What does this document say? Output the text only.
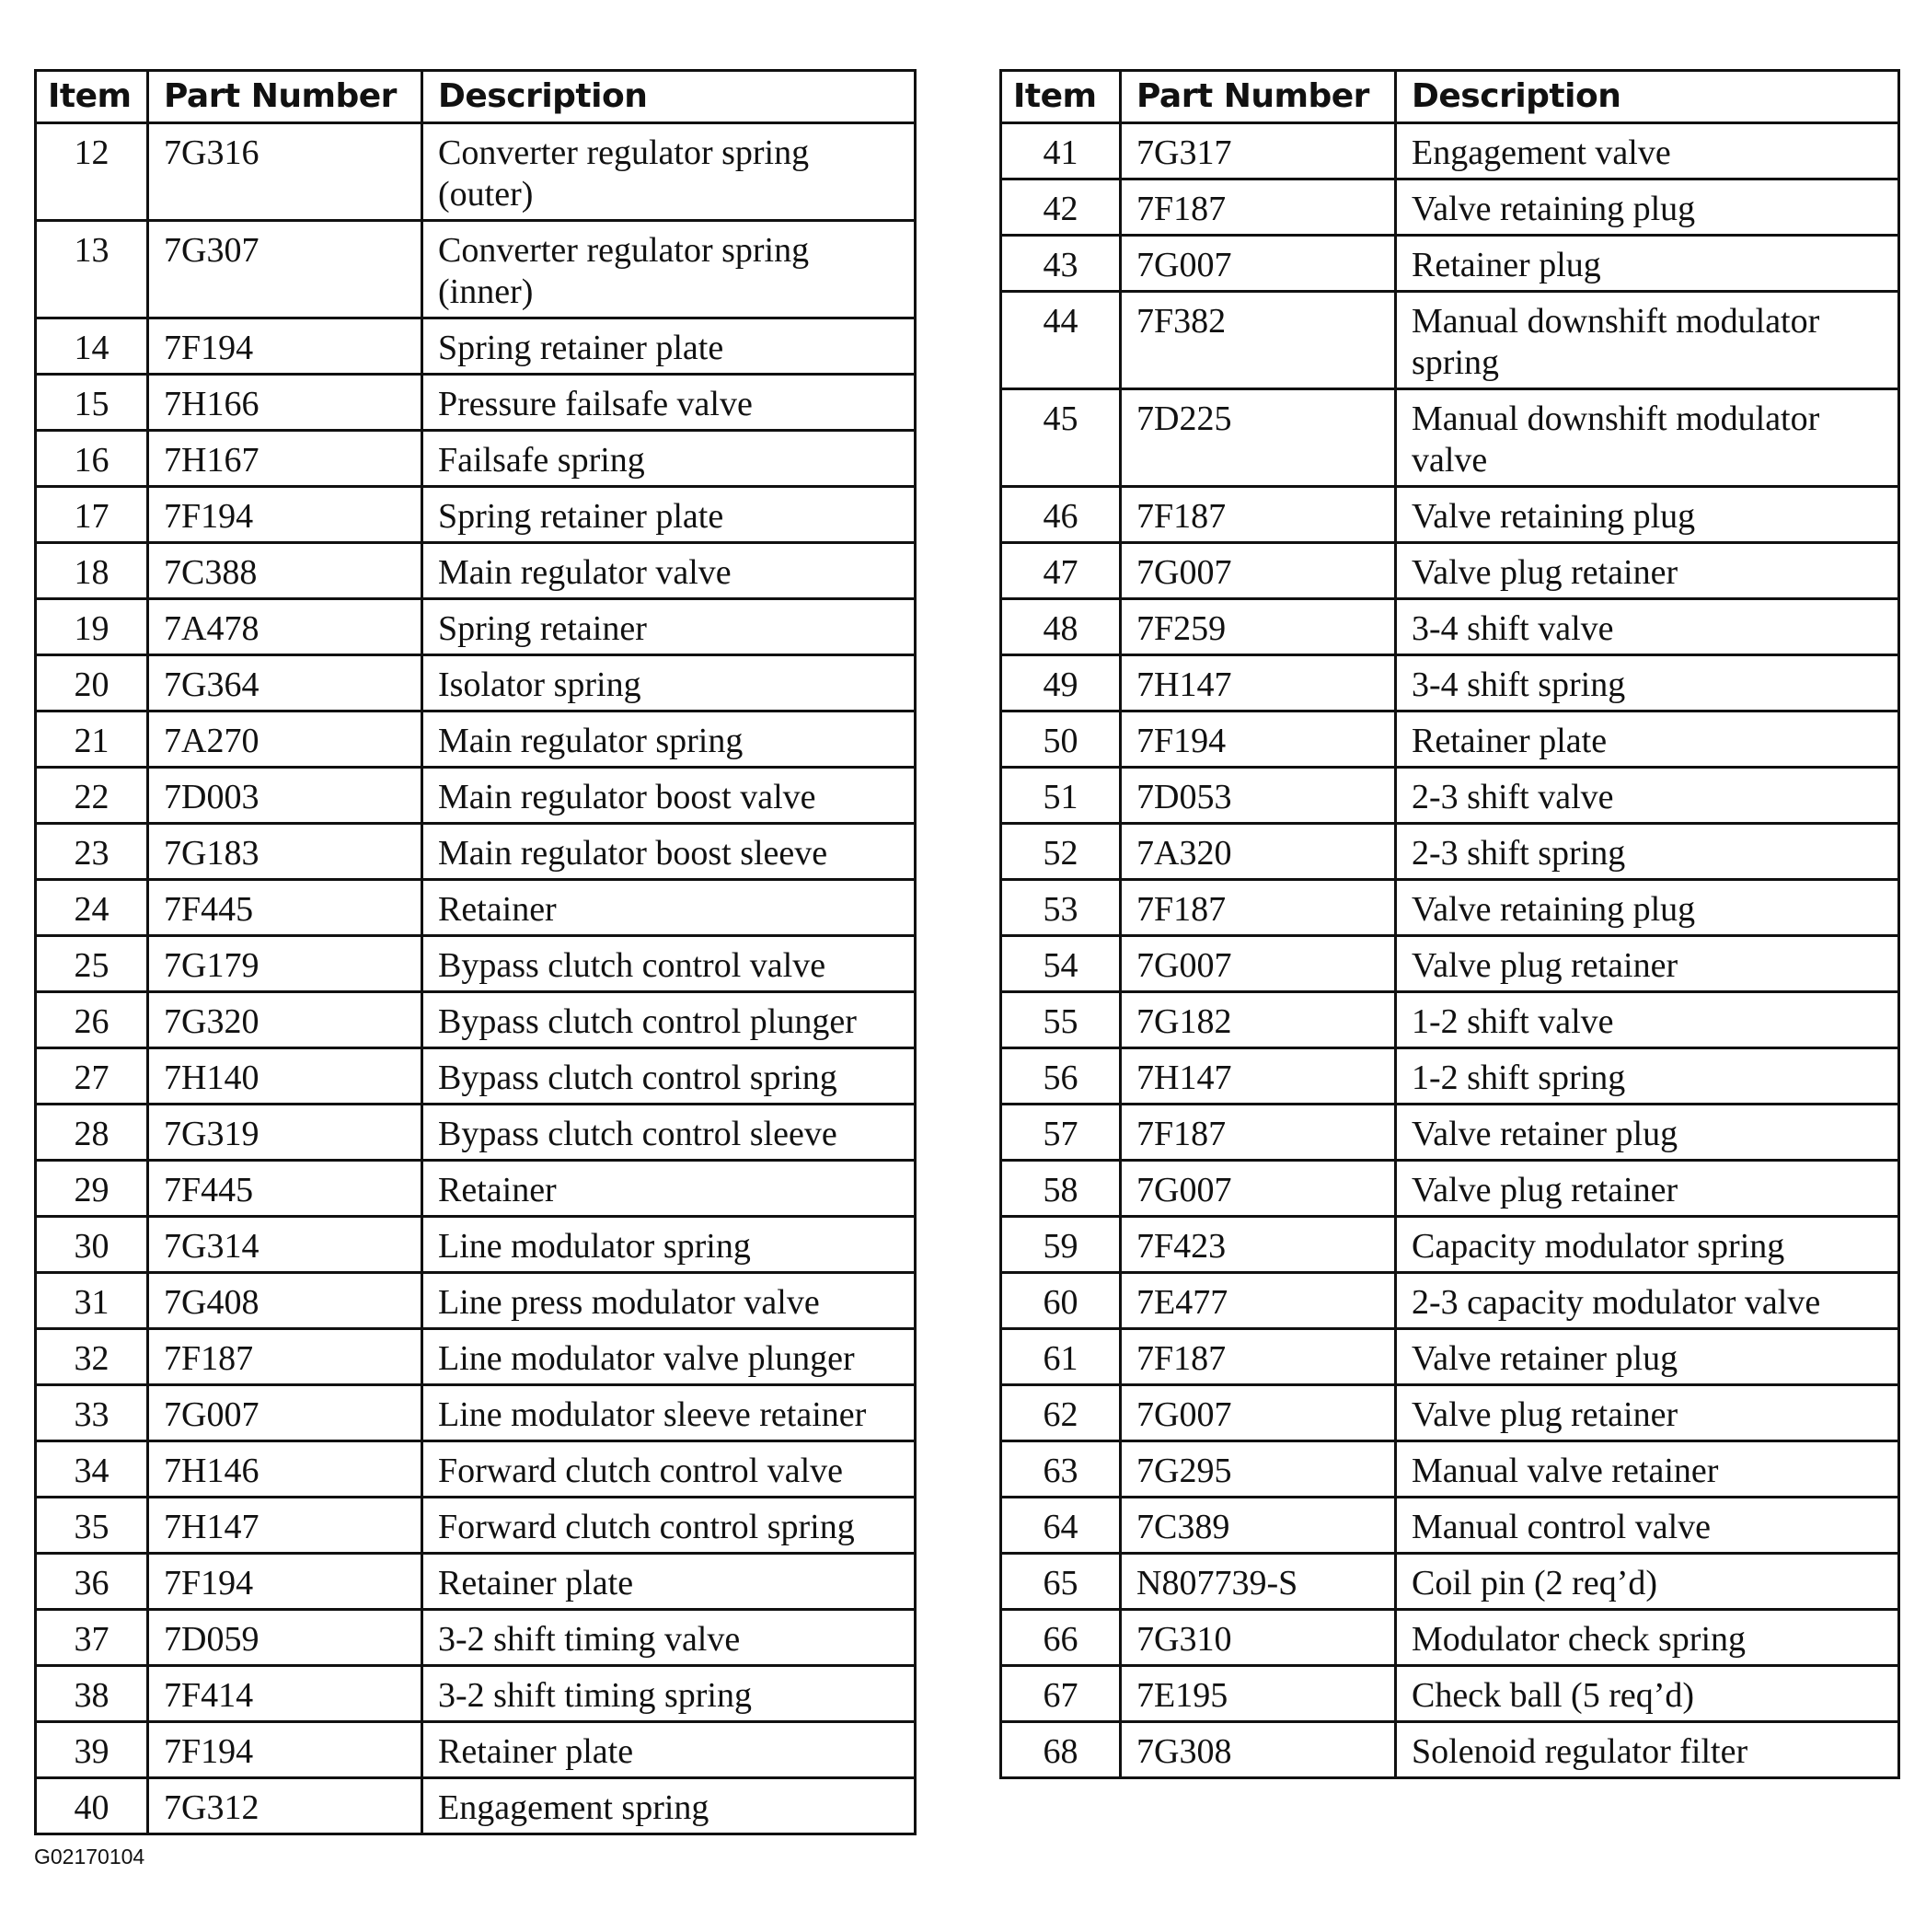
Item	Part Number	Description
12	7G316	Converter regulator spring (outer)
13	7G307	Converter regulator spring (inner)
14	7F194	Spring retainer plate
15	7H166	Pressure failsafe valve
16	7H167	Failsafe spring
17	7F194	Spring retainer plate
18	7C388	Main regulator valve
19	7A478	Spring retainer
20	7G364	Isolator spring
21	7A270	Main regulator spring
22	7D003	Main regulator boost valve
23	7G183	Main regulator boost sleeve
24	7F445	Retainer
25	7G179	Bypass clutch control valve
26	7G320	Bypass clutch control plunger
27	7H140	Bypass clutch control spring
28	7G319	Bypass clutch control sleeve
29	7F445	Retainer
30	7G314	Line modulator spring
31	7G408	Line press modulator valve
32	7F187	Line modulator valve plunger
33	7G007	Line modulator sleeve retainer
34	7H146	Forward clutch control valve
35	7H147	Forward clutch control spring
36	7F194	Retainer plate
37	7D059	3-2 shift timing valve
38	7F414	3-2 shift timing spring
39	7F194	Retainer plate
40	7G312	Engagement spring
Item	Part Number	Description
41	7G317	Engagement valve
42	7F187	Valve retaining plug
43	7G007	Retainer plug
44	7F382	Manual downshift modulator spring
45	7D225	Manual downshift modulator valve
46	7F187	Valve retaining plug
47	7G007	Valve plug retainer
48	7F259	3-4 shift valve
49	7H147	3-4 shift spring
50	7F194	Retainer plate
51	7D053	2-3 shift valve
52	7A320	2-3 shift spring
53	7F187	Valve retaining plug
54	7G007	Valve plug retainer
55	7G182	1-2 shift valve
56	7H147	1-2 shift spring
57	7F187	Valve retainer plug
58	7G007	Valve plug retainer
59	7F423	Capacity modulator spring
60	7E477	2-3 capacity modulator valve
61	7F187	Valve retainer plug
62	7G007	Valve plug retainer
63	7G295	Manual valve retainer
64	7C389	Manual control valve
65	N807739-S	Coil pin (2 req’d)
66	7G310	Modulator check spring
67	7E195	Check ball (5 req’d)
68	7G308	Solenoid regulator filter
G02170104
